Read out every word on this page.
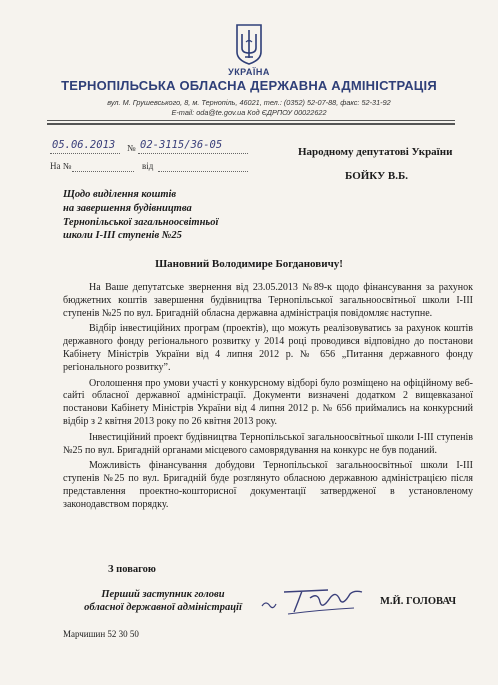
УКРАЇНА
ТЕРНОПІЛЬСЬКА ОБЛАСНА ДЕРЖАВНА АДМІНІСТРАЦІЯ
вул. М. Грушевського, 8, м. Тернопіль, 46021, тел.: (0352) 52-07-88, факс: 52-31-92
E-mail: oda@te.gov.ua Код ЄДРПОУ 00022622
05.06.2013 № 02-3115/36-05
На №	від
Народному депутатові України
БОЙКУ В.Б.
Щодо виділення коштів
на завершення будівництва
Тернопільської загальноосвітньої
школи І-ІІІ ступенів №25
Шановний Володимире Богдановичу!

На Ваше депутатське звернення від 23.05.2013 №89-к щодо фінансування за рахунок бюджетних коштів завершення будівництва Тернопільської загальноосвітньої школи І-ІІІ ступенів №25 по вул. Бригадній обласна державна адміністрація повідомляє наступне.

Відбір інвестиційних програм (проектів), що можуть реалізовуватись за рахунок коштів державного фонду регіонального розвитку у 2014 році проводився відповідно до постанови Кабінету Міністрів України від 4 липня 2012 р. № 656 „Питання державного фонду регіонального розвитку”.

Оголошення про умови участі у конкурсному відборі було розміщено на офіційному веб-сайті обласної державної адміністрації. Документи визначені додатком 2 вищевказаної постанови Кабінету Міністрів України від 4 липня 2012 р. № 656 приймались на конкурсний відбір з 2 квітня 2013 року по 26 квітня 2013 року.

Інвестиційний проект будівництва Тернопільської загальноосвітньої школи І-ІІІ ступенів №25 по вул. Бригадній органами місцевого самоврядування на конкурс не був поданий.

Можливість фінансування добудови Тернопільської загальноосвітньої школи І-ІІІ ступенів №25 по вул. Бригадній буде розглянуто обласною державною адміністрацією після представлення проектно-кошторисної документації затвердженої в установленому законодавством порядку.

З повагою
Перший заступник голови
обласної державної адміністрації
М.Й. ГОЛОВАЧ
Марчишин 52 30 50
